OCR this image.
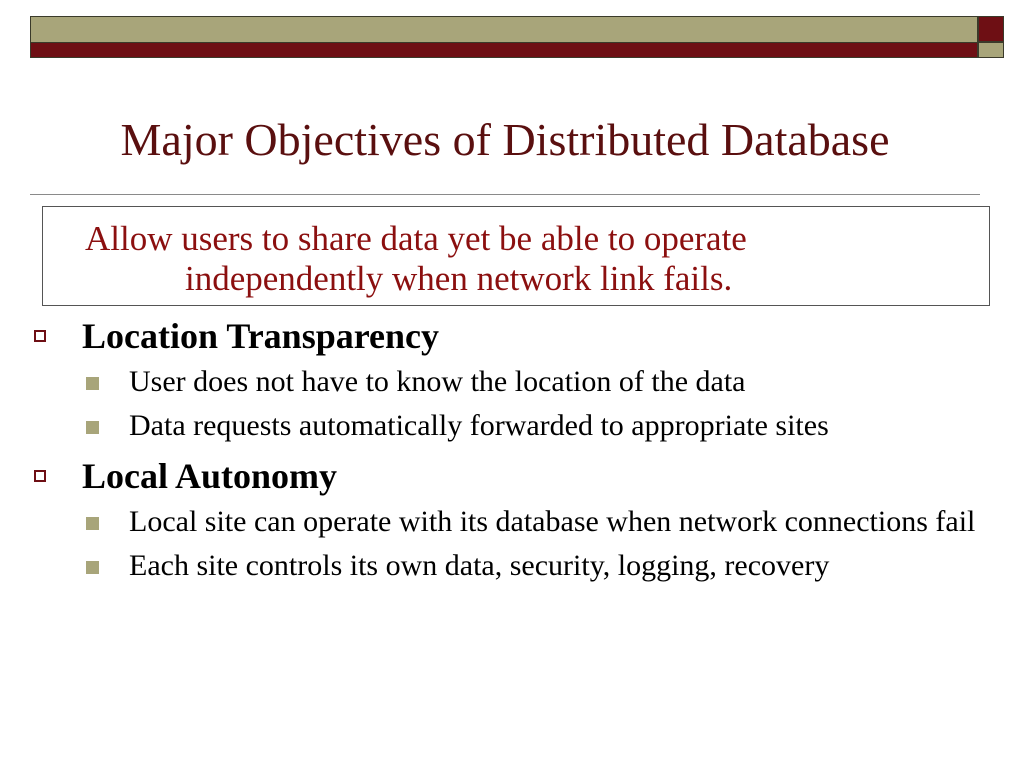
Major Objectives of Distributed Database

Allow users to share data yet be able to operate independently when network link fails.

Location Transparency
User does not have to know the location of the data
Data requests automatically forwarded to appropriate sites
Local Autonomy
Local site can operate with its database when network connections fail
Each site controls its own data, security, logging, recovery
